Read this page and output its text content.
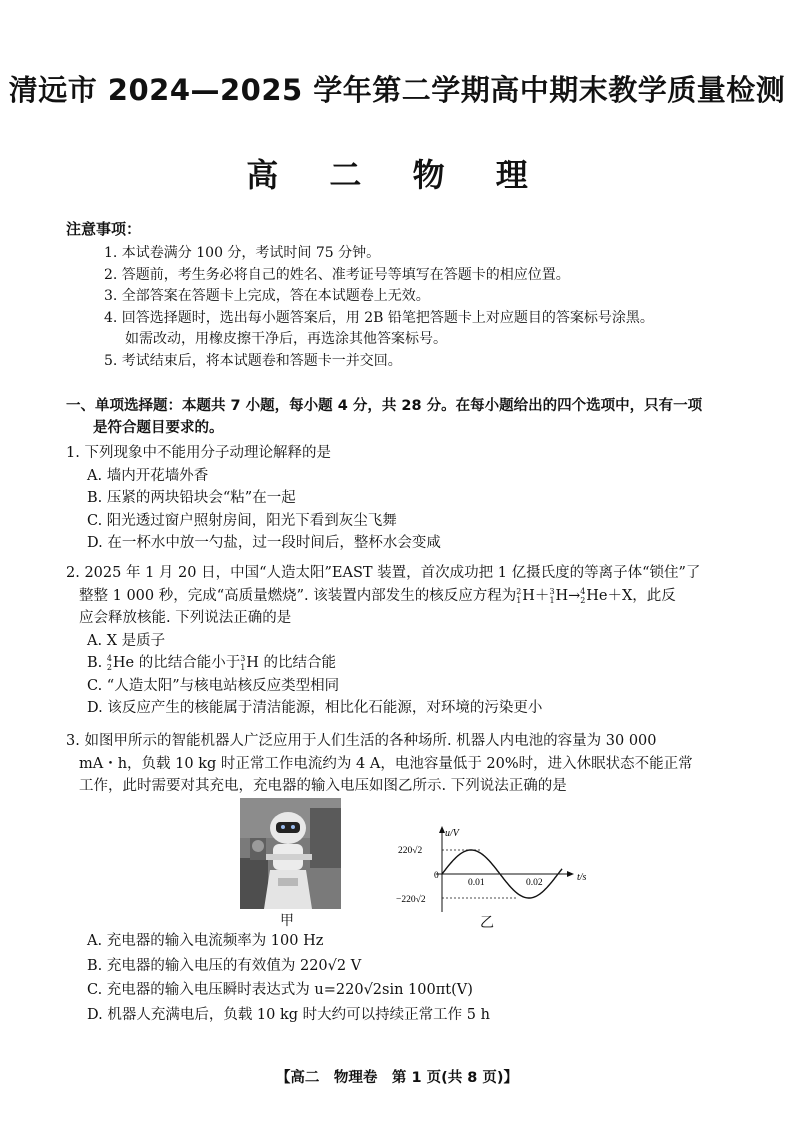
清远市 2024—2025 学年第二学期高中期末教学质量检测
高 二 物 理
注意事项：
1. 本试卷满分 100 分，考试时间 75 分钟。
2. 答题前，考生务必将自己的姓名、准考证号等填写在答题卡的相应位置。
3. 全部答案在答题卡上完成，答在本试题卷上无效。
4. 回答选择题时，选出每小题答案后，用 2B 铅笔把答题卡上对应题目的答案标号涂黑。
如需改动，用橡皮擦干净后，再选涂其他答案标号。
5. 考试结束后，将本试题卷和答题卡一并交回。
一、单项选择题：本题共 7 小题，每小题 4 分，共 28 分。在每小题给出的四个选项中，只有一项
是符合题目要求的。
1. 下列现象中不能用分子动理论解释的是
A. 墙内开花墙外香
B. 压紧的两块铅块会“粘”在一起
C. 阳光透过窗户照射房间，阳光下看到灰尘飞舞
D. 在一杯水中放一勺盐，过一段时间后，整杯水会变咸
2. 2025 年 1 月 20 日，中国“人造太阳”EAST 装置，首次成功把 1 亿摄氏度的等离子体“锁住”了
整整 1 000 秒，完成“高质量燃烧”. 该装置内部发生的核反应方程为 2
1 H＋ 3
1 H→ 4
2 He＋X，此反
应会释放核能. 下列说法正确的是
A. X 是质子
B. 4
2 He 的比结合能小于 3
1 H 的比结合能
C. “人造太阳”与核电站核反应类型相同
D. 该反应产生的核能属于清洁能源，相比化石能源，对环境的污染更小
3. 如图甲所示的智能机器人广泛应用于人们生活的各种场所. 机器人内电池的容量为 30 000
mA・h，负载 10 kg 时正常工作电流约为 4 A，电池容量低于 20%时，进入休眠状态不能正常
工作，此时需要对其充电，充电器的输入电压如图乙所示. 下列说法正确的是
甲
u/V
t/s
220√2
−220√2
0
0.01	0.02
乙
A. 充电器的输入电流频率为 100 Hz
B. 充电器的输入电压的有效值为 220√2 V
C. 充电器的输入电压瞬时表达式为 u=220√2sin 100πt(V)
D. 机器人充满电后，负载 10 kg 时大约可以持续正常工作 5 h
【高二　物理卷　第 1 页(共 8 页)】
